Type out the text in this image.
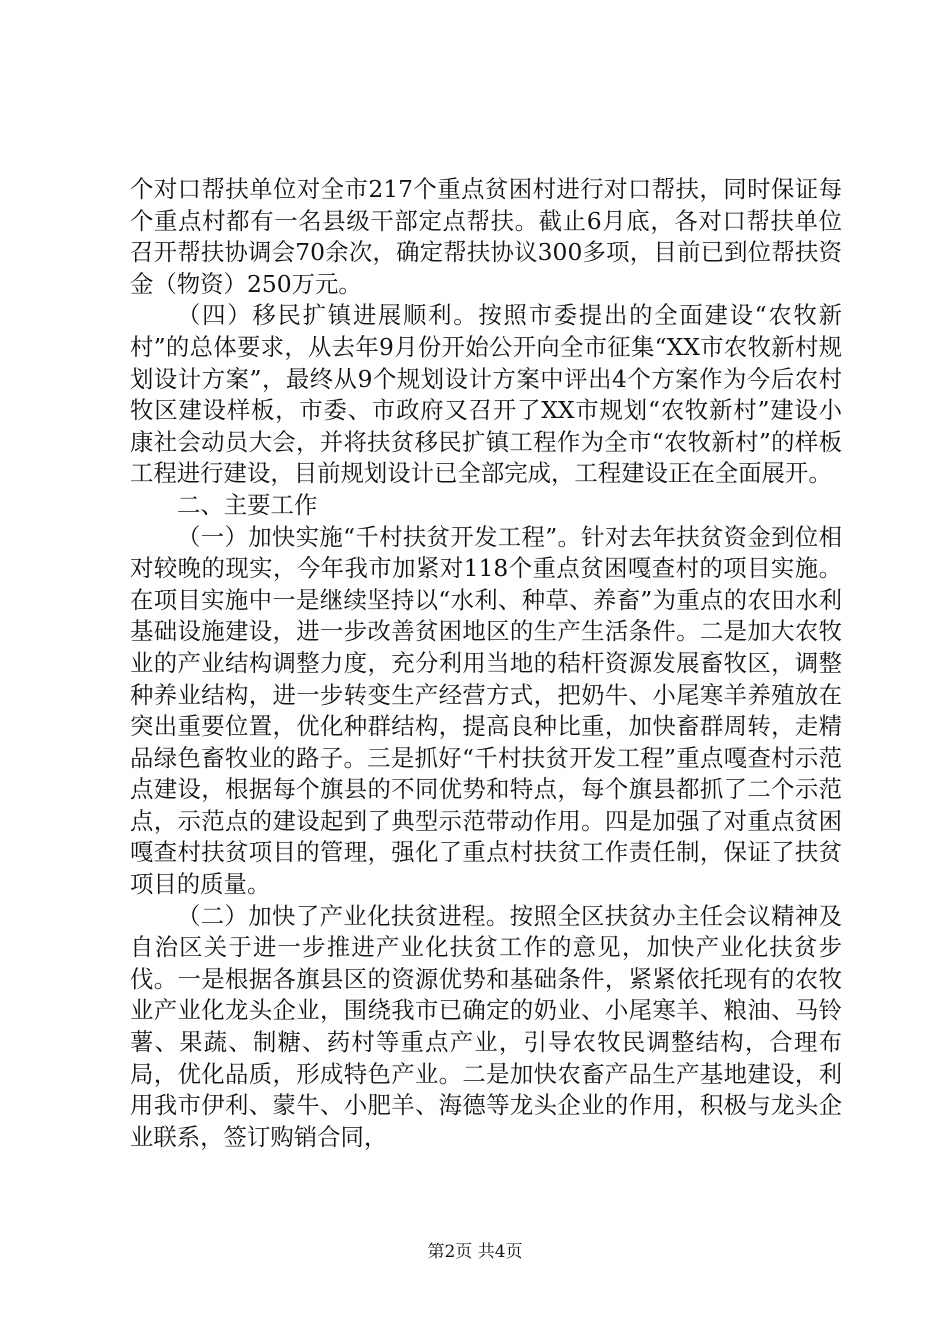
个对口帮扶单位对全市217个重点贫困村进行对口帮扶，同时保证每个重点村都有一名县级干部定点帮扶。截止6月底，各对口帮扶单位召开帮扶协调会70余次，确定帮扶协议300多项，目前已到位帮扶资金（物资）250万元。

（四）移民扩镇进展顺利。按照市委提出的全面建设“农牧新村”的总体要求，从去年9月份开始公开向全市征集“XX市农牧新村规划设计方案”，最终从9个规划设计方案中评出4个方案作为今后农村牧区建设样板，市委、市政府又召开了XX市规划“农牧新村”建设小康社会动员大会，并将扶贫移民扩镇工程作为全市“农牧新村”的样板工程进行建设，目前规划设计已全部完成，工程建设正在全面展开。

二、主要工作

（一）加快实施“千村扶贫开发工程”。针对去年扶贫资金到位相对较晚的现实，今年我市加紧对118个重点贫困嘎查村的项目实施。在项目实施中一是继续坚持以“水利、种草、养畜”为重点的农田水利基础设施建设，进一步改善贫困地区的生产生活条件。二是加大农牧业的产业结构调整力度，充分利用当地的秸杆资源发展畜牧区，调整种养业结构，进一步转变生产经营方式，把奶牛、小尾寒羊养殖放在突出重要位置，优化种群结构，提高良种比重，加快畜群周转，走精品绿色畜牧业的路子。三是抓好“千村扶贫开发工程”重点嘎查村示范点建设，根据每个旗县的不同优势和特点，每个旗县都抓了二个示范点，示范点的建设起到了典型示范带动作用。四是加强了对重点贫困嘎查村扶贫项目的管理，强化了重点村扶贫工作责任制，保证了扶贫项目的质量。

（二）加快了产业化扶贫进程。按照全区扶贫办主任会议精神及自治区关于进一步推进产业化扶贫工作的意见，加快产业化扶贫步伐。一是根据各旗县区的资源优势和基础条件，紧紧依托现有的农牧业产业化龙头企业，围绕我市已确定的奶业、小尾寒羊、粮油、马铃薯、果蔬、制糖、药村等重点产业，引导农牧民调整结构，合理布局，优化品质，形成特色产业。二是加快农畜产品生产基地建设，利用我市伊利、蒙牛、小肥羊、海德等龙头企业的作用，积极与龙头企业联系，签订购销合同，

第2页 共4页
